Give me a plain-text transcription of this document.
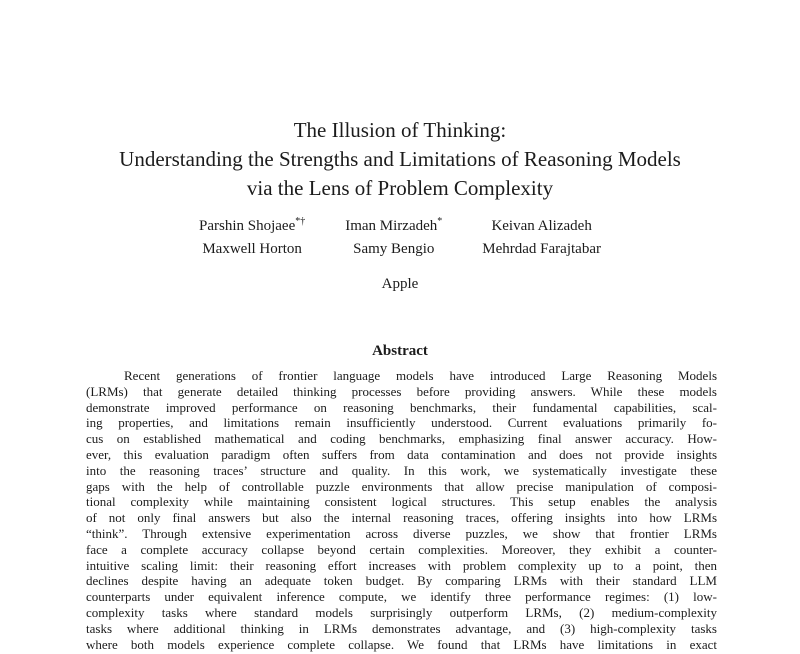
The Illusion of Thinking:
Understanding the Strengths and Limitations of Reasoning Models
via the Lens of Problem Complexity
Parshin Shojaee*†	Iman Mirzadeh*	Keivan Alizadeh
Maxwell Horton	Samy Bengio	Mehrdad Farajtabar
Apple
Abstract
Recent generations of frontier language models have introduced Large Reasoning Models
(LRMs) that generate detailed thinking processes before providing answers. While these models
demonstrate improved performance on reasoning benchmarks, their fundamental capabilities, scal-
ing properties, and limitations remain insufficiently understood. Current evaluations primarily fo-
cus on established mathematical and coding benchmarks, emphasizing final answer accuracy. How-
ever, this evaluation paradigm often suffers from data contamination and does not provide insights
into the reasoning traces’ structure and quality. In this work, we systematically investigate these
gaps with the help of controllable puzzle environments that allow precise manipulation of composi-
tional complexity while maintaining consistent logical structures. This setup enables the analysis
of not only final answers but also the internal reasoning traces, offering insights into how LRMs
“think”. Through extensive experimentation across diverse puzzles, we show that frontier LRMs
face a complete accuracy collapse beyond certain complexities. Moreover, they exhibit a counter-
intuitive scaling limit: their reasoning effort increases with problem complexity up to a point, then
declines despite having an adequate token budget. By comparing LRMs with their standard LLM
counterparts under equivalent inference compute, we identify three performance regimes: (1) low-
complexity tasks where standard models surprisingly outperform LRMs, (2) medium-complexity
tasks where additional thinking in LRMs demonstrates advantage, and (3) high-complexity tasks
where both models experience complete collapse. We found that LRMs have limitations in exact
